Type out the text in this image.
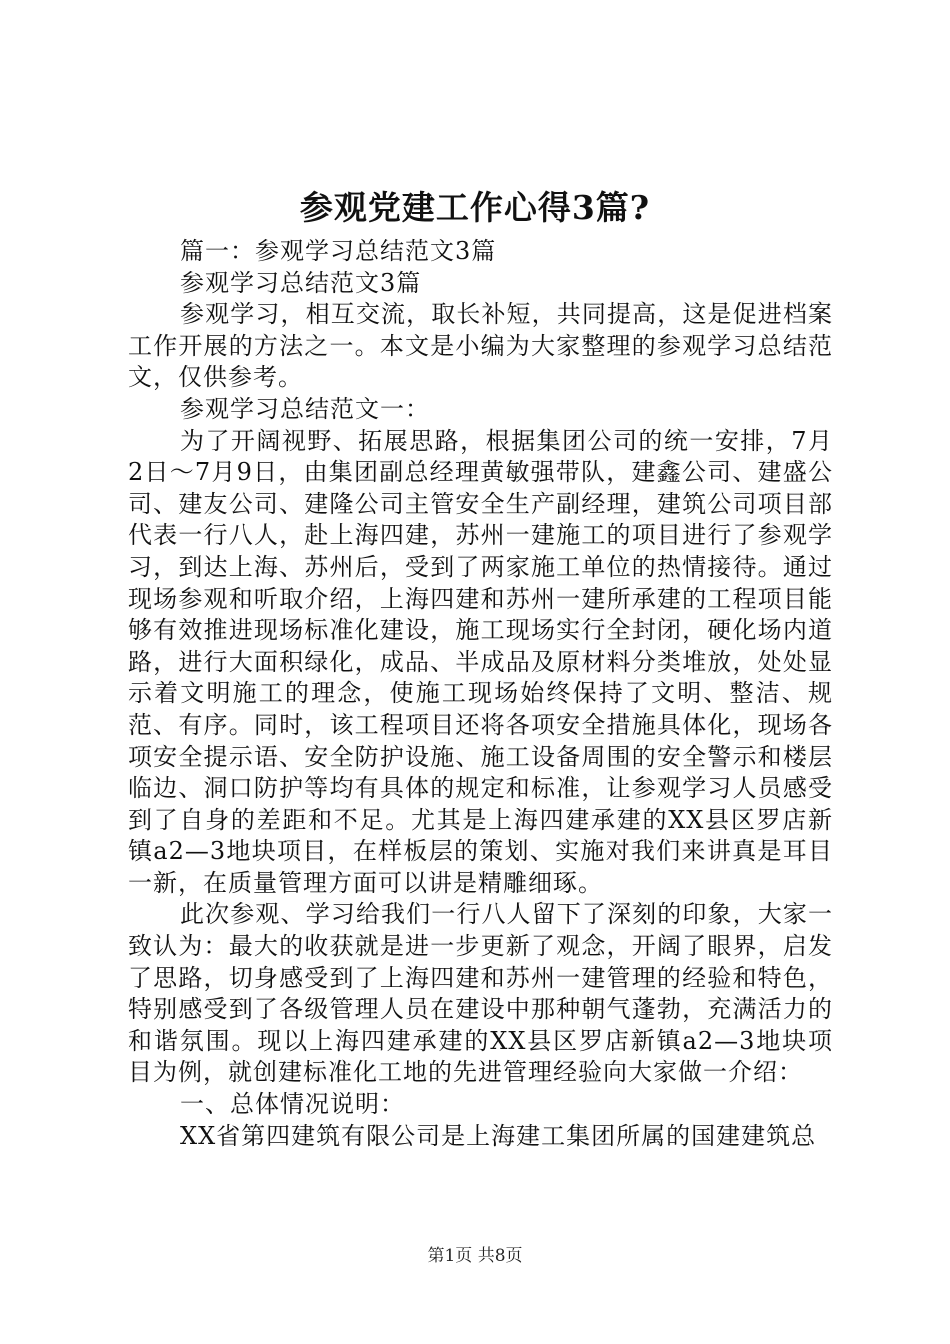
参观党建工作心得3篇?

篇一：参观学习总结范文3篇

参观学习总结范文3篇

参观学习，相互交流，取长补短，共同提高，这是促进档案工作开展的方法之一。本文是小编为大家整理的参观学习总结范文，仅供参考。

参观学习总结范文一：

为了开阔视野、拓展思路，根据集团公司的统一安排，7月2日～7月9日，由集团副总经理黄敏强带队，建鑫公司、建盛公司、建友公司、建隆公司主管安全生产副经理，建筑公司项目部代表一行八人，赴上海四建，苏州一建施工的项目进行了参观学习，到达上海、苏州后，受到了两家施工单位的热情接待。通过现场参观和听取介绍，上海四建和苏州一建所承建的工程项目能够有效推进现场标准化建设，施工现场实行全封闭，硬化场内道路，进行大面积绿化，成品、半成品及原材料分类堆放，处处显示着文明施工的理念，使施工现场始终保持了文明、整洁、规范、有序。同时，该工程项目还将各项安全措施具体化，现场各项安全提示语、安全防护设施、施工设备周围的安全警示和楼层临边、洞口防护等均有具体的规定和标准，让参观学习人员感受到了自身的差距和不足。尤其是上海四建承建的XX县区罗店新镇a2—3地块项目，在样板层的策划、实施对我们来讲真是耳目一新，在质量管理方面可以讲是精雕细琢。

此次参观、学习给我们一行八人留下了深刻的印象，大家一致认为：最大的收获就是进一步更新了观念，开阔了眼界，启发了思路，切身感受到了上海四建和苏州一建管理的经验和特色，特别感受到了各级管理人员在建设中那种朝气蓬勃，充满活力的和谐氛围。现以上海四建承建的XX县区罗店新镇a2—3地块项目为例，就创建标准化工地的先进管理经验向大家做一介绍：

一、总体情况说明：

XX省第四建筑有限公司是上海建工集团所属的国建建筑总

第1页 共8页
